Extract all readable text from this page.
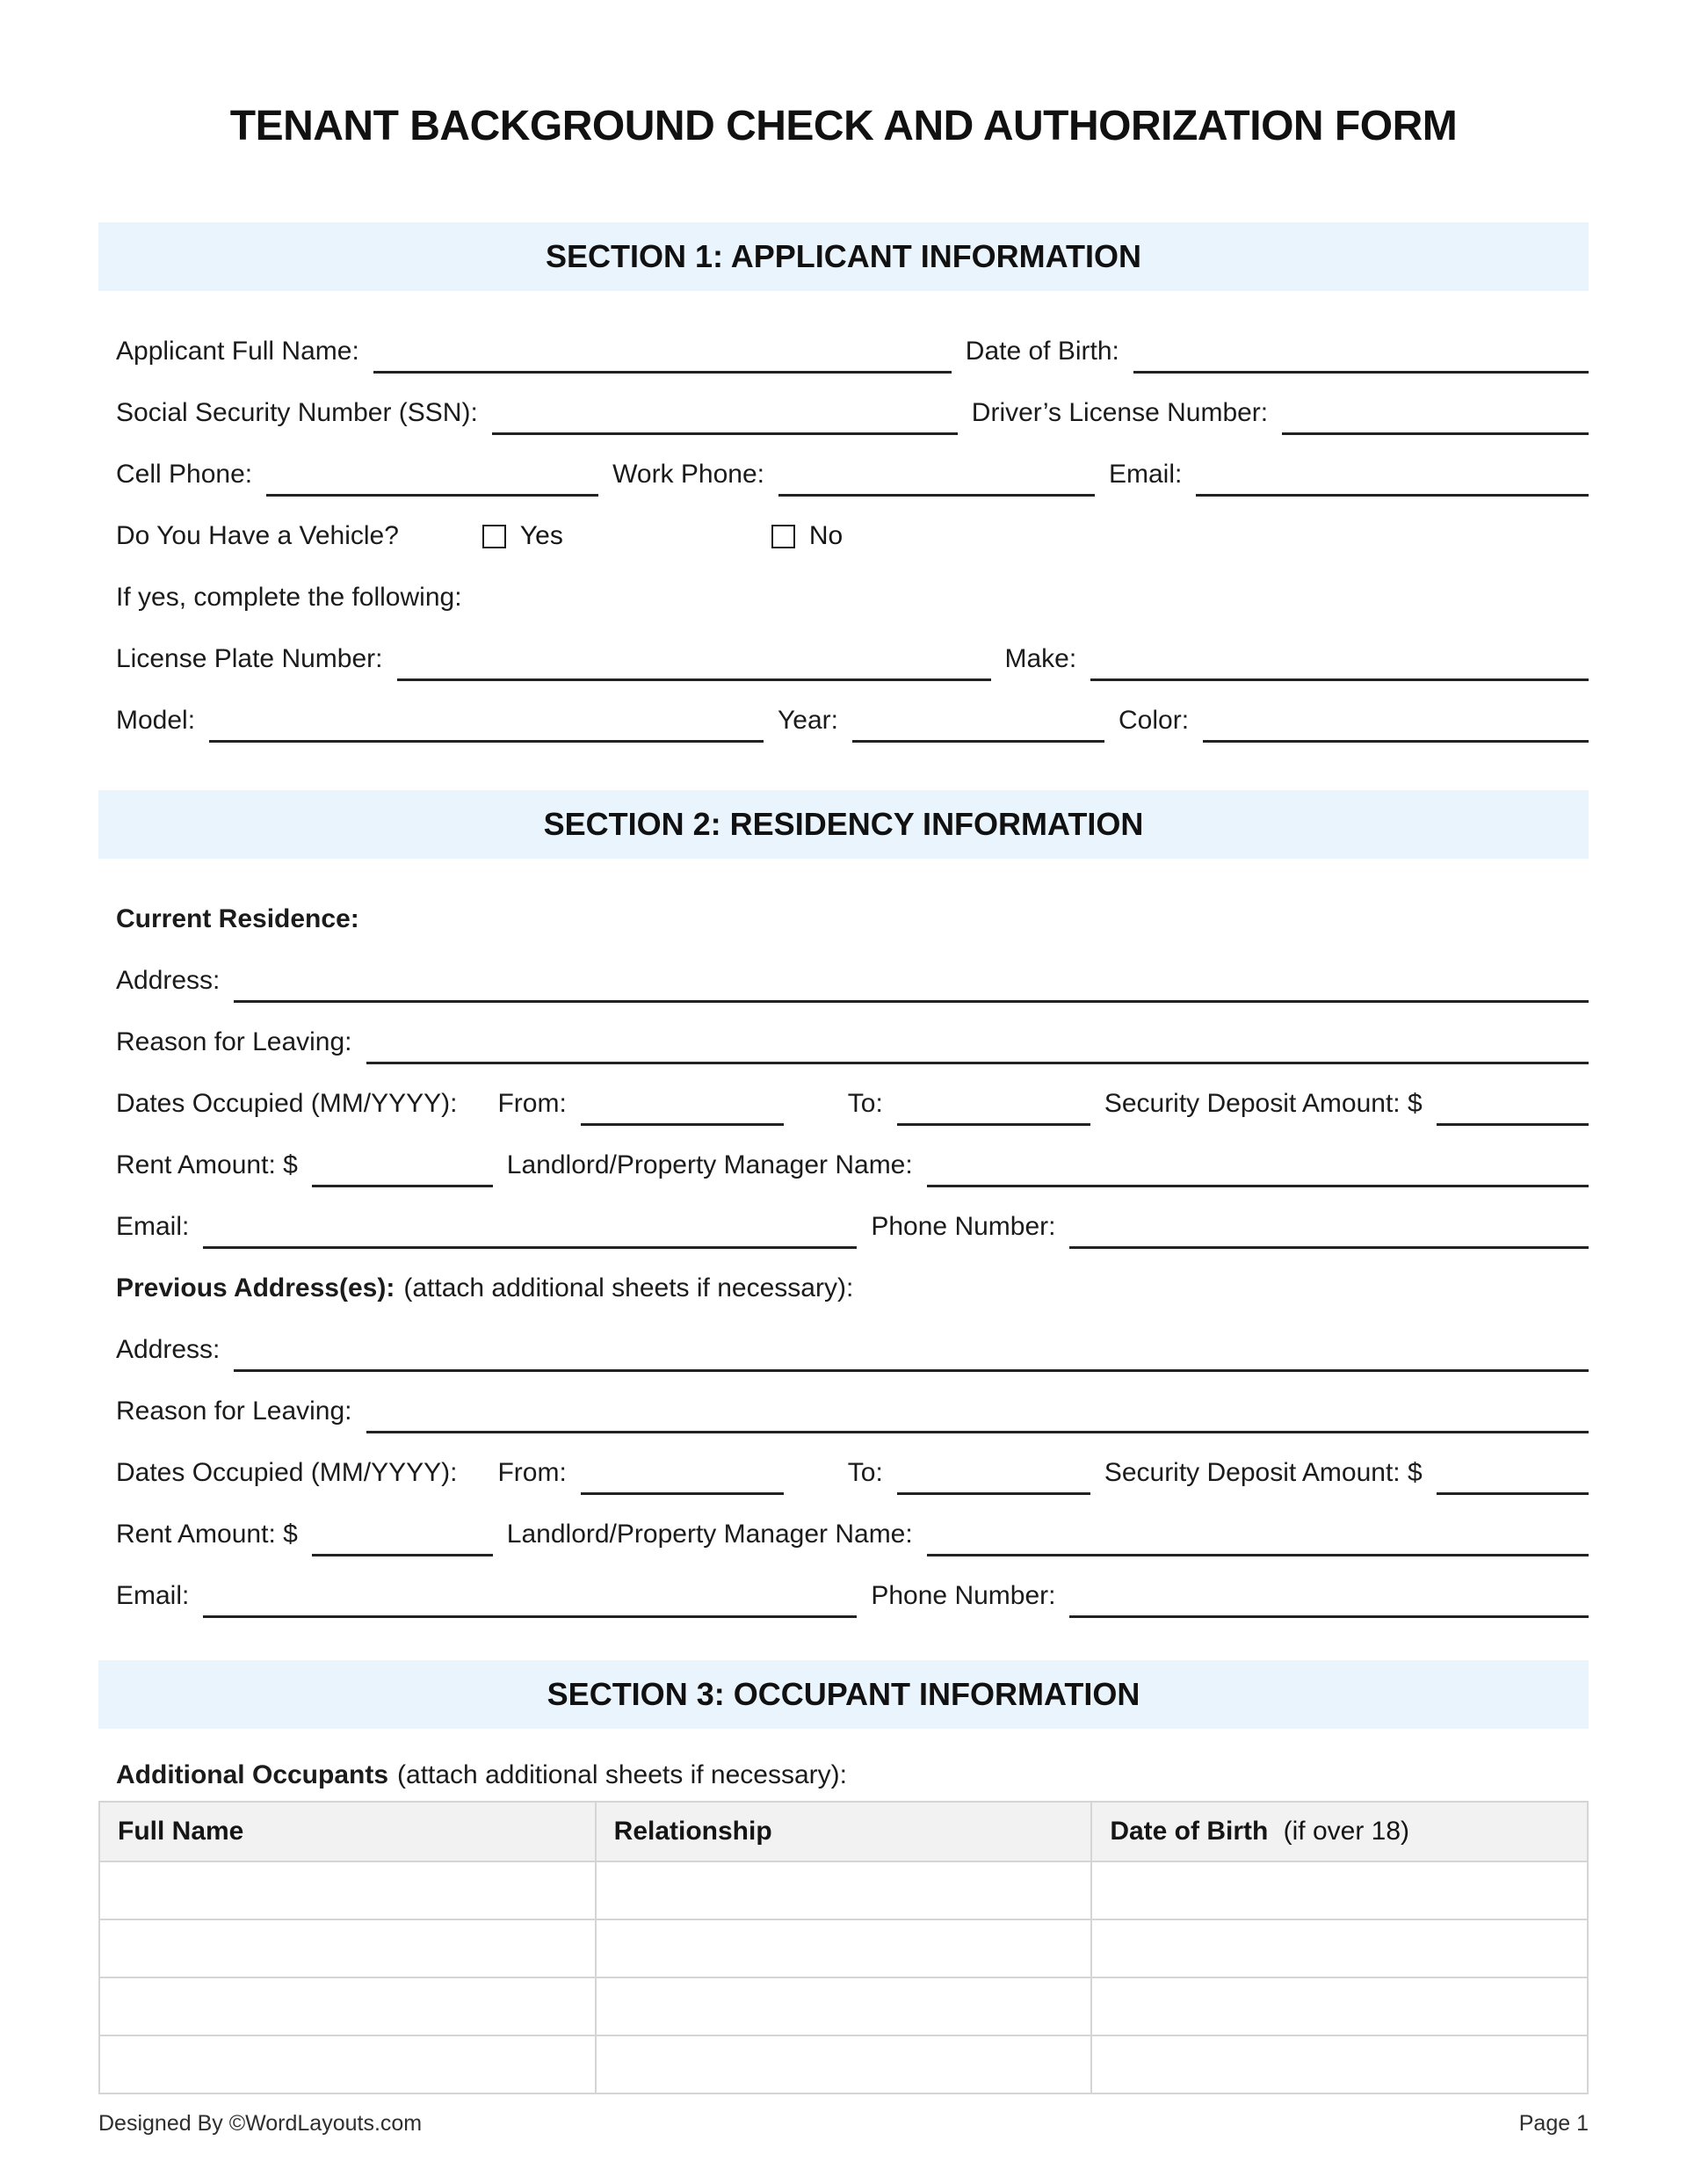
TENANT BACKGROUND CHECK AND AUTHORIZATION FORM
SECTION 1: APPLICANT INFORMATION
Applicant Full Name:	Date of Birth:
Social Security Number (SSN):	Driver’s License Number:
Cell Phone:	Work Phone:	Email:
Do You Have a Vehicle?	Yes	No
If yes, complete the following:
License Plate Number:	Make:
Model:	Year:	Color:
SECTION 2: RESIDENCY INFORMATION
Current Residence:
Address:
Reason for Leaving:
Dates Occupied (MM/YYYY): From:	To:	Security Deposit Amount: $
Rent Amount: $	Landlord/Property Manager Name:
Email:	Phone Number:
Previous Address(es): (attach additional sheets if necessary):
Address:
Reason for Leaving:
Dates Occupied (MM/YYYY): From:	To:	Security Deposit Amount: $
Rent Amount: $	Landlord/Property Manager Name:
Email:	Phone Number:
SECTION 3: OCCUPANT INFORMATION
Additional Occupants (attach additional sheets if necessary):
Full Name	Relationship	Date of Birth (if over 18)

Designed By ©WordLayouts.com	Page 1
